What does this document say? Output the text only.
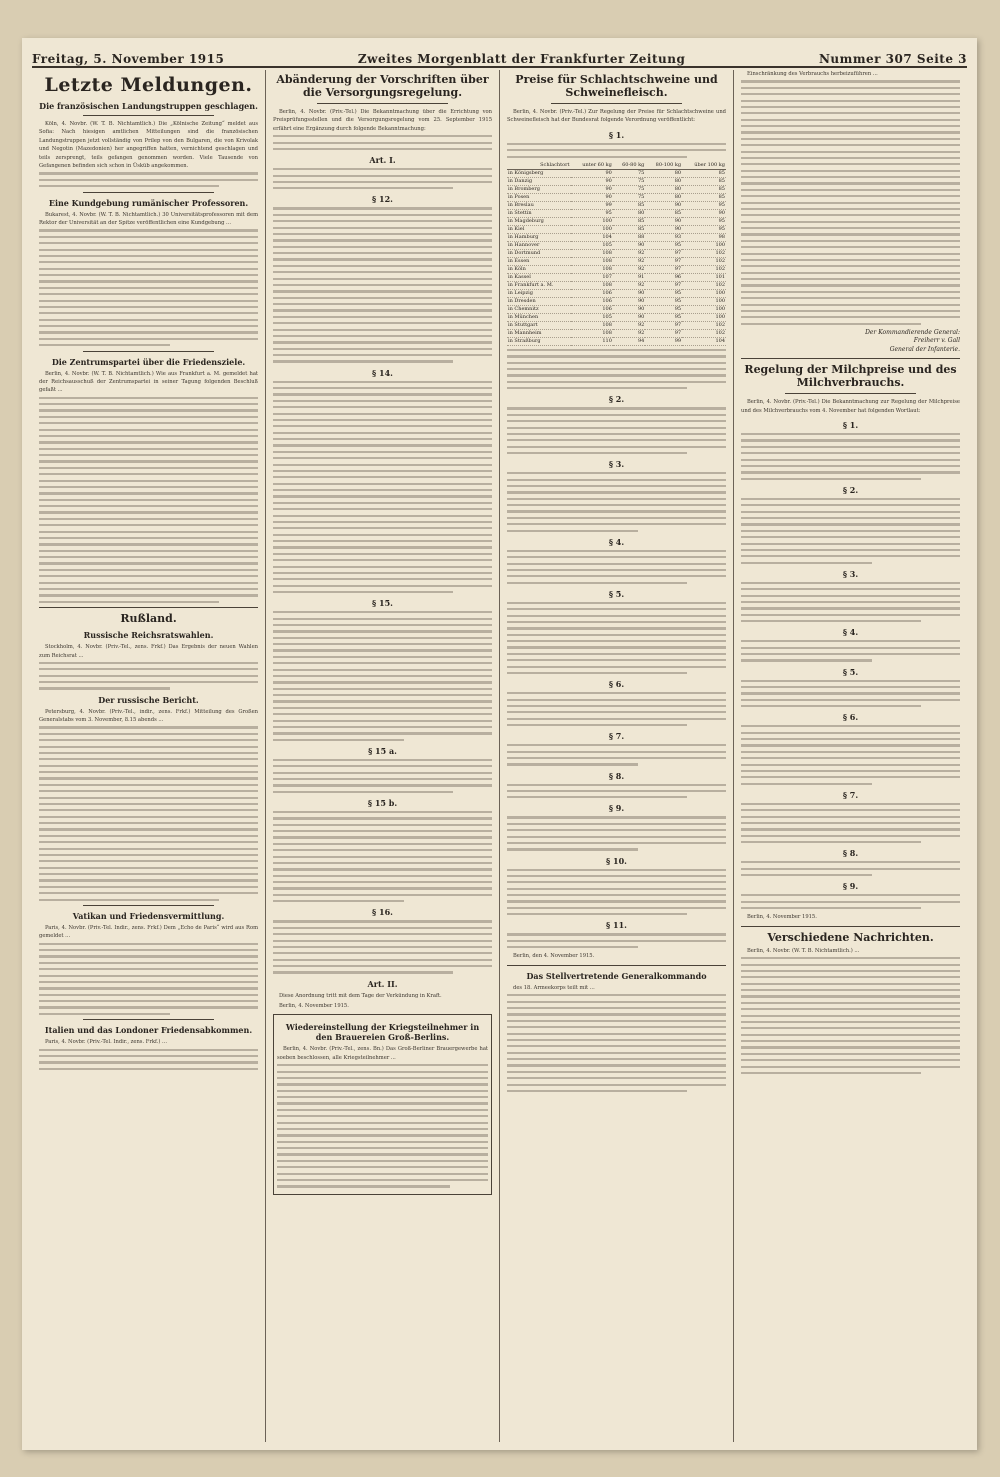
Freitag, 5. November 1915	Zweites Morgenblatt der Frankfurter Zeitung	Nummer 307 Seite 3
Letzte Meldungen.
Die französischen Landungstruppen geschlagen.

Köln, 4. Novbr. (W. T. B. Nichtamtlich.) Die „Kölnische Zeitung“ meldet aus Sofia: Nach hiesigen amtlichen Mitteilungen sind die französischen Landungstruppen jetzt vollständig von Prilep von den Bulgaren, die von Krivolak und Negotin (Mazedonien) her angegriffen hatten, vernichtend geschlagen und teils zersprengt, teils gefangen genommen worden. Viele Tausende von Gefangenen befinden sich schon in Üsküb angekommen.

Eine Kundgebung rumänischer Professoren.

Bukarest, 4. Novbr. (W. T. B. Nichtamtlich.) 30 Universitätsprofessoren mit dem Rektor der Universität an der Spitze veröffentlichen eine Kundgebung ...

Die Zentrumspartei über die Friedensziele.

Berlin, 4. Novbr. (W. T. B. Nichtamtlich.) Wie aus Frankfurt a. M. gemeldet hat der Reichsausschuß der Zentrumspartei in seiner Tagung folgenden Beschluß gefaßt ...

Rußland.
Russische Reichsratswahlen.

Stockholm, 4. Novbr. (Priv.-Tel., zens. Frkf.) Das Ergebnis der neuen Wahlen zum Reichsrat ...

Der russische Bericht.

Petersburg, 4. Novbr. (Priv.-Tel., indir., zens. Frkf.) Mitteilung des Großen Generalstabs vom 3. November, 8.15 abends ...

Vatikan und Friedensvermittlung.

Paris, 4. Novbr. (Priv.-Tel. Indir., zens. Frkf.) Dem „Echo de Paris“ wird aus Rom gemeldet ...

Italien und das Londoner Friedensabkommen.

Paris, 4. Novbr. (Priv.-Tel. Indir., zens. Frkf.) ...

Abänderung der Vorschriften über die Versorgungsregelung.

Berlin, 4. Novbr. (Priv.-Tel.) Die Bekanntmachung über die Errichtung von Preisprüfungsstellen und die Versorgungsregelung vom 25. September 1915 erfährt eine Ergänzung durch folgende Bekanntmachung:

Art. I.
§ 12.
§ 14.
§ 15.
§ 15 a.
§ 15 b.
§ 16.
Art. II.

Diese Anordnung tritt mit dem Tage der Verkündung in Kraft.

Berlin, 4. November 1915.

Wiedereinstellung der Kriegsteilnehmer in den Brauereien Groß-Berlins.

Berlin, 4. Novbr. (Priv.-Tel., zens. Bn.) Das Groß-Berliner Brauergewerbe hat soeben beschlossen, alle Kriegsteilnehmer ...

Preise für Schlachtschweine und Schweinefleisch.

Berlin, 4. Novbr. (Priv.-Tel.) Zur Regelung der Preise für Schlachtschweine und Schweinefleisch hat der Bundesrat folgende Verordnung veröffentlicht:

§ 1.
Schlachtort	unter 60 kg	60-80 kg	80-100 kg	über 100 kg
in Königsberg	90	75	80	85
in Danzig	90	75	80	85
in Bromberg	90	75	80	85
in Posen	90	75	80	85
in Breslau	99	85	90	95
in Stettin	95	80	85	90
in Magdeburg	100	85	90	95
in Kiel	100	85	90	95
in Hamburg	104	88	93	98
in Hannover	105	90	95	100
in Dortmund	108	92	97	102
in Essen	108	92	97	102
in Köln	108	92	97	102
in Kassel	107	91	96	101
in Frankfurt a. M.	108	92	97	102
in Leipzig	106	90	95	100
in Dresden	106	90	95	100
in Chemnitz	106	90	95	100
in München	105	90	95	100
in Stuttgart	108	92	97	102
in Mannheim	108	92	97	102
in Straßburg	110	94	99	104
§ 2.
§ 3.
§ 4.
§ 5.
§ 6.
§ 7.
§ 8.
§ 9.
§ 10.
§ 11.

Berlin, den 4. November 1915.

Das Stellvertretende Generalkommando

des 18. Armeekorps teilt mit ...

Einschränkung des Verbrauchs herbeizuführen ...

Der Kommandierende General:
Freiherr v. Gall
General der Infanterie.
Regelung der Milchpreise und des Milchverbrauchs.

Berlin, 4. Novbr. (Priv.-Tel.) Die Bekanntmachung zur Regelung der Milchpreise und des Milchverbrauchs vom 4. November hat folgenden Wortlaut:

§ 1.
§ 2.
§ 3.
§ 4.
§ 5.
§ 6.
§ 7.
§ 8.
§ 9.

Berlin, 4. November 1915.

Verschiedene Nachrichten.

Berlin, 4. Novbr. (W. T. B. Nichtamtlich.) ...
